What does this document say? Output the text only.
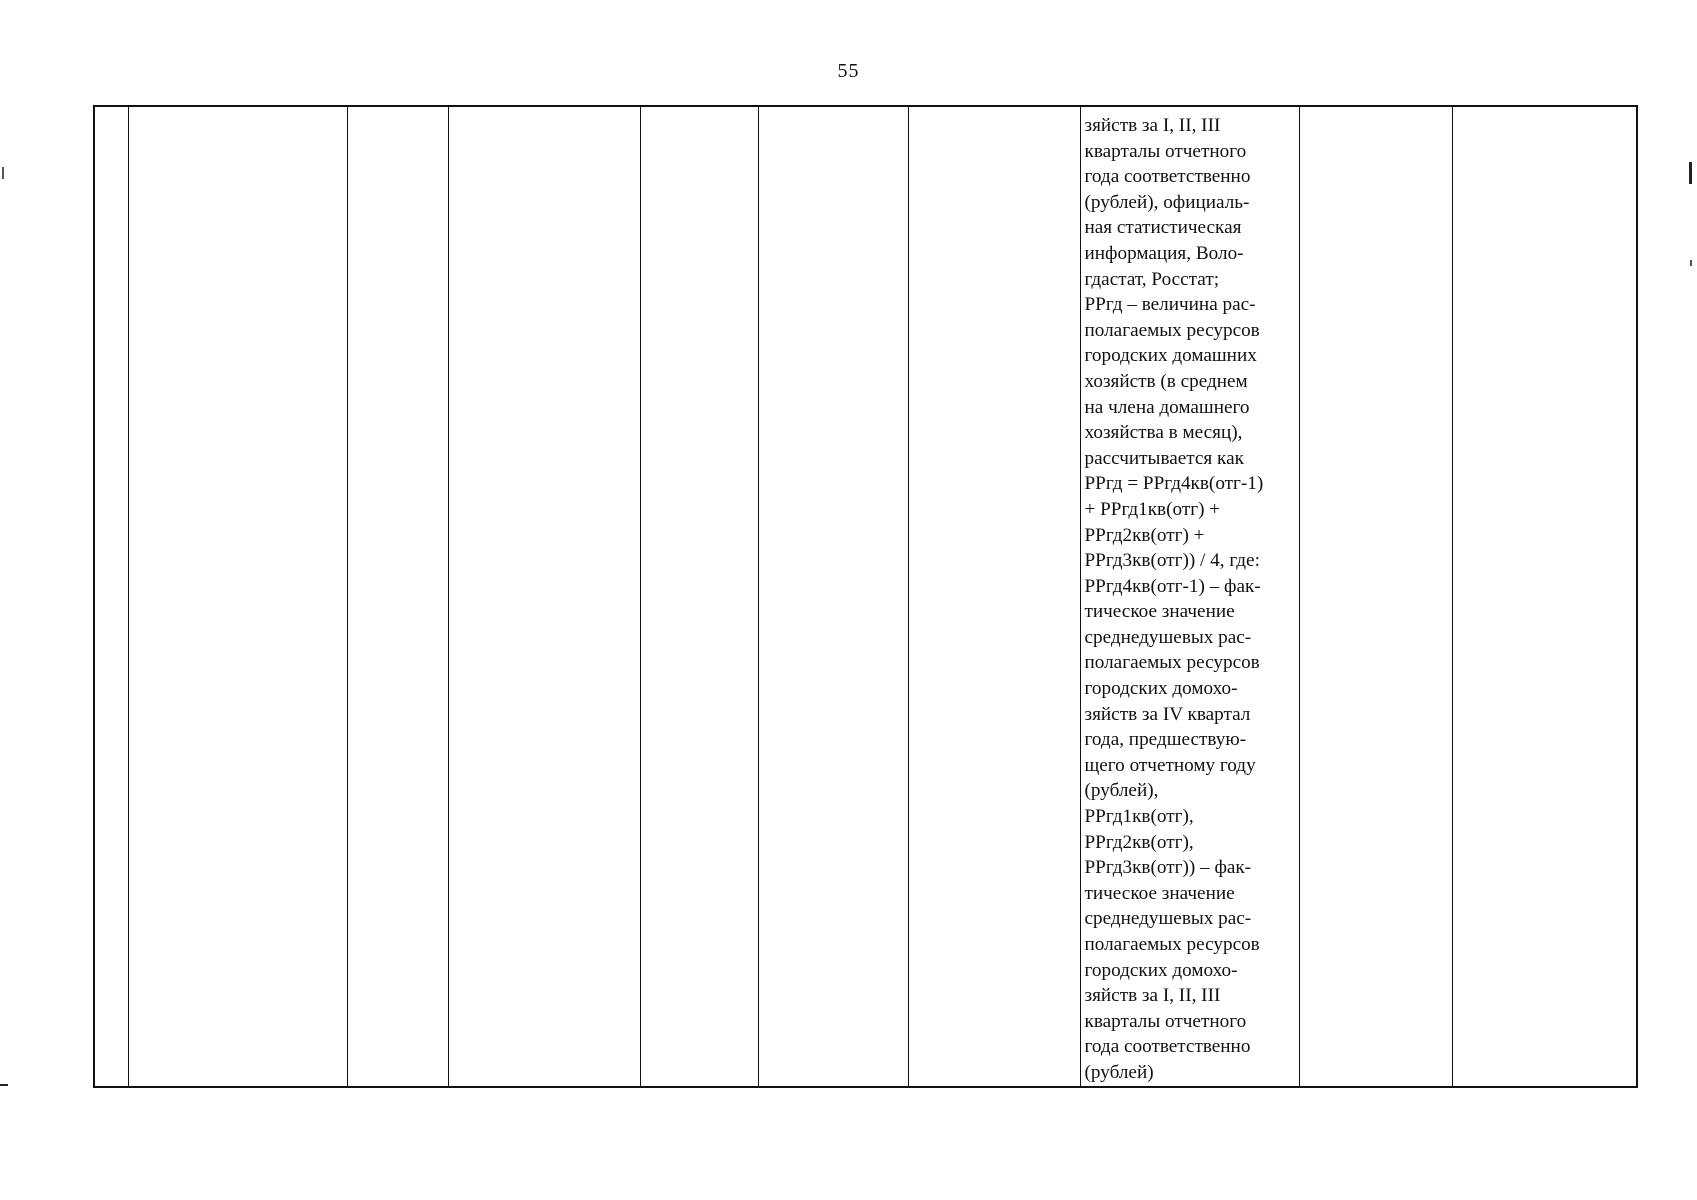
55
							зяйств за I, II, III
кварталы отчетного
года соответственно
(рублей), официаль-
ная статистическая
информация, Воло-
гдастат, Росстат;
РРгд – величина рас-
полагаемых ресурсов
городских домашних
хозяйств (в среднем
на члена домашнего
хозяйства в месяц),
рассчитывается как
РРгд = РРгд4кв(отг-1)
+ РРгд1кв(отг) +
РРгд2кв(отг) +
РРгд3кв(отг)) / 4, где:
РРгд4кв(отг-1) – фак-
тическое значение
среднедушевых рас-
полагаемых ресурсов
городских домохо-
зяйств за IV квартал
года, предшествую-
щего отчетному году
(рублей),
РРгд1кв(отг),
РРгд2кв(отг),
РРгд3кв(отг)) – фак-
тическое значение
среднедушевых рас-
полагаемых ресурсов
городских домохо-
зяйств за I, II, III
кварталы отчетного
года соответственно
(рублей)		
